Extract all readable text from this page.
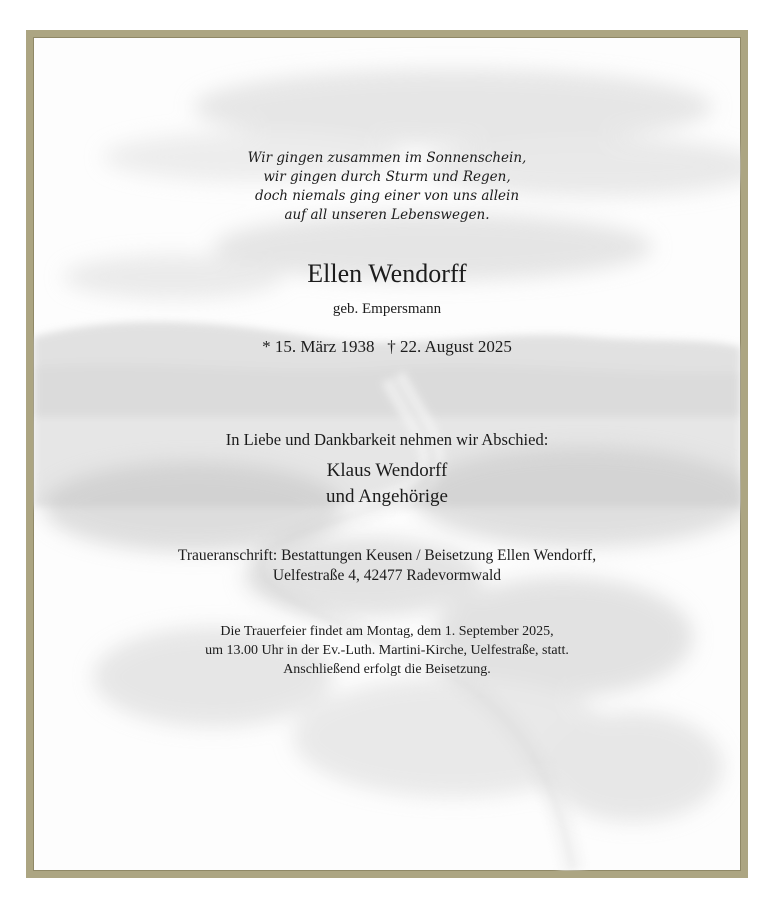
Wir gingen zusammen im Sonnenschein,
wir gingen durch Sturm und Regen,
doch niemals ging einer von uns allein
auf all unseren Lebenswegen.
Ellen Wendorff
geb. Empersmann
* 15. März 1938   † 22. August 2025
In Liebe und Dankbarkeit nehmen wir Abschied:
Klaus Wendorff
und Angehörige
Traueranschrift: Bestattungen Keusen / Beisetzung Ellen Wendorff,
Uelfestraße 4, 42477 Radevormwald
Die Trauerfeier findet am Montag, dem 1. September 2025,
um 13.00 Uhr in der Ev.-Luth. Martini-Kirche, Uelfestraße, statt.
Anschließend erfolgt die Beisetzung.
